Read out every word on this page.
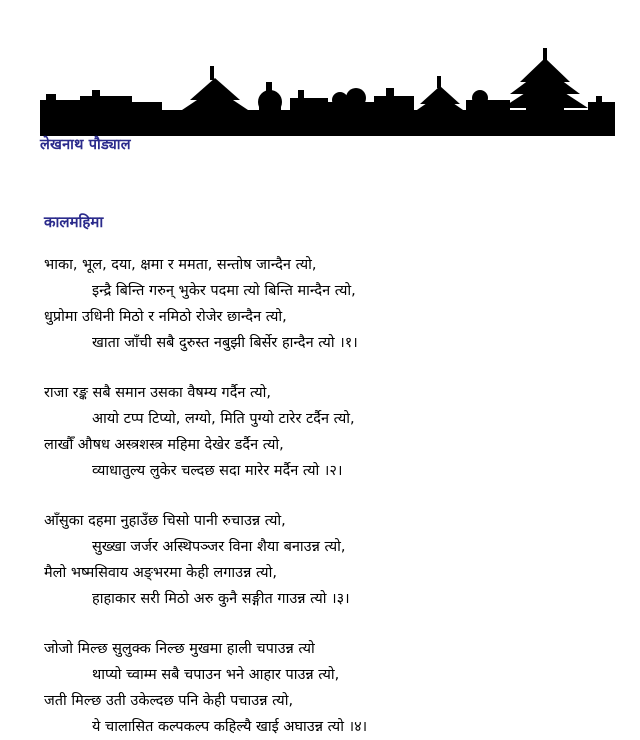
लेखनाथ पौड्याल
कालमहिमा
भाका, भूल, दया, क्षमा र ममता, सन्तोष जान्दैन त्यो,
इन्द्रै बिन्ति गरुन् भुकेर पदमा त्यो बिन्ति मान्दैन त्यो,
धुप्रोमा उधिनी मिठो र नमिठो रोजेर छान्दैन त्यो,
खाता जाँची सबै दुरुस्त नबुझी बिर्सेर हान्दैन त्यो ।१।
राजा रङ्क सबै समान उसका वैषम्य गर्दैन त्यो,
आयो टप्प टिप्यो, लग्यो, मिति पुग्यो टारेर टर्दैन त्यो,
लाखौँ औषध अस्त्रशस्त्र महिमा देखेर डर्दैन त्यो,
व्याधातुल्य लुकेर चल्दछ सदा मारेर मर्दैन त्यो ।२।
आँसुका दहमा नुहाउँछ चिसो पानी रुचाउन्न त्यो,
सुख्खा जर्जर अस्थिपञ्जर विना शैया बनाउन्न त्यो,
मैलो भष्मसिवाय अङ्भरमा केही लगाउन्न त्यो,
हाहाकार सरी मिठो अरु कुनै सङ्गीत गाउन्न त्यो ।३।
जोजो मिल्छ सुलुक्क निल्छ मुखमा हाली चपाउन्न त्यो
थाप्यो च्वाम्म सबै चपाउन भने आहार पाउन्न त्यो,
जती मिल्छ उती उकेल्दछ पनि केही पचाउन्न त्यो,
ये चालासित कल्पकल्प कहिल्यै खाई अघाउन्न त्यो ।४।
